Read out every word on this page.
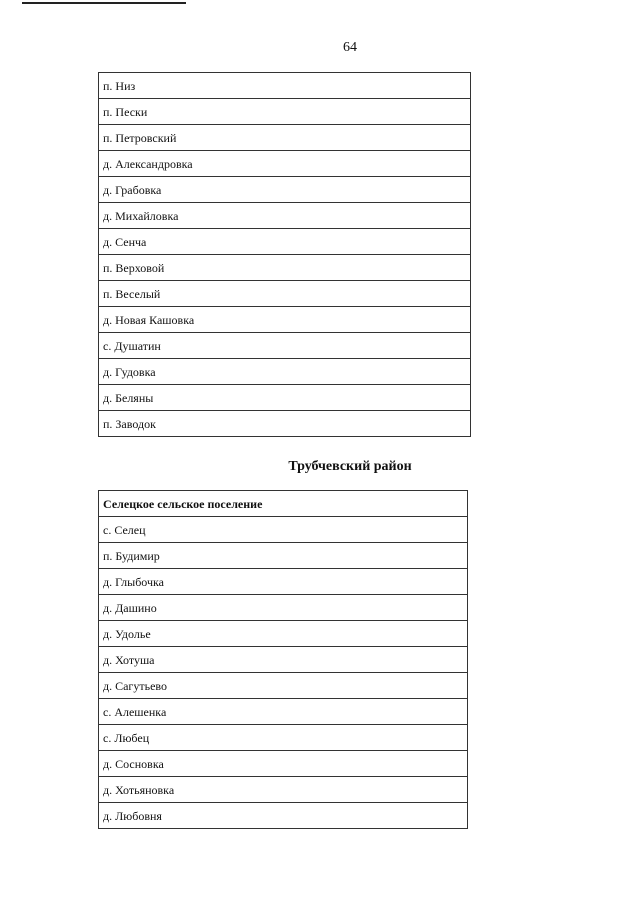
64
п. Низ
п. Пески
п. Петровский
д. Александровка
д. Грабовка
д. Михайловка
д. Сенча
п. Верховой
п. Веселый
д. Новая Кашовка
с. Душатин
д. Гудовка
д. Беляны
п. Заводок
Трубчевский район
Селецкое сельское поселение
с. Селец
п. Будимир
д. Глыбочка
д. Дашино
д. Удолье
д. Хотуша
д. Сагутьево
с. Алешенка
с. Любец
д. Сосновка
д. Хотьяновка
д. Любовня
